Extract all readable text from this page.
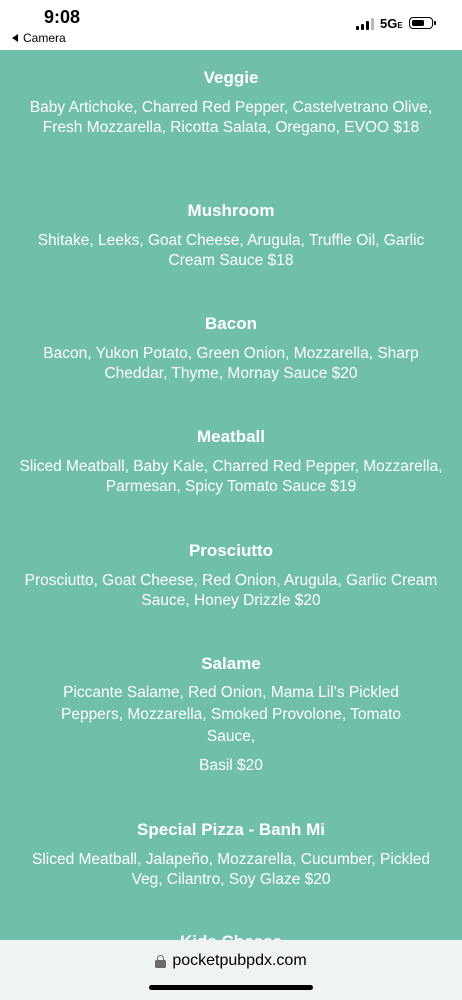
9:08
Camera
5GE
Veggie
Baby Artichoke, Charred Red Pepper, Castelvetrano Olive, Fresh Mozzarella, Ricotta Salata, Oregano, EVOO $18
Mushroom
Shitake, Leeks, Goat Cheese, Arugula, Truffle Oil, Garlic Cream Sauce $18
Bacon
Bacon, Yukon Potato, Green Onion, Mozzarella, Sharp Cheddar, Thyme, Mornay Sauce $20
Meatball
Sliced Meatball, Baby Kale, Charred Red Pepper, Mozzarella, Parmesan, Spicy Tomato Sauce $19
Prosciutto
Prosciutto, Goat Cheese, Red Onion, Arugula, Garlic Cream Sauce, Honey Drizzle $20
Salame
Piccante Salame, Red Onion, Mama Lil’s Pickled Peppers, Mozzarella, Smoked Provolone, Tomato Sauce,
Basil $20
Special Pizza - Banh Mi
Sliced Meatball, Jalapeño, Mozzarella, Cucumber, Pickled Veg, Cilantro, Soy Glaze $20
pocketpubpdx.com
